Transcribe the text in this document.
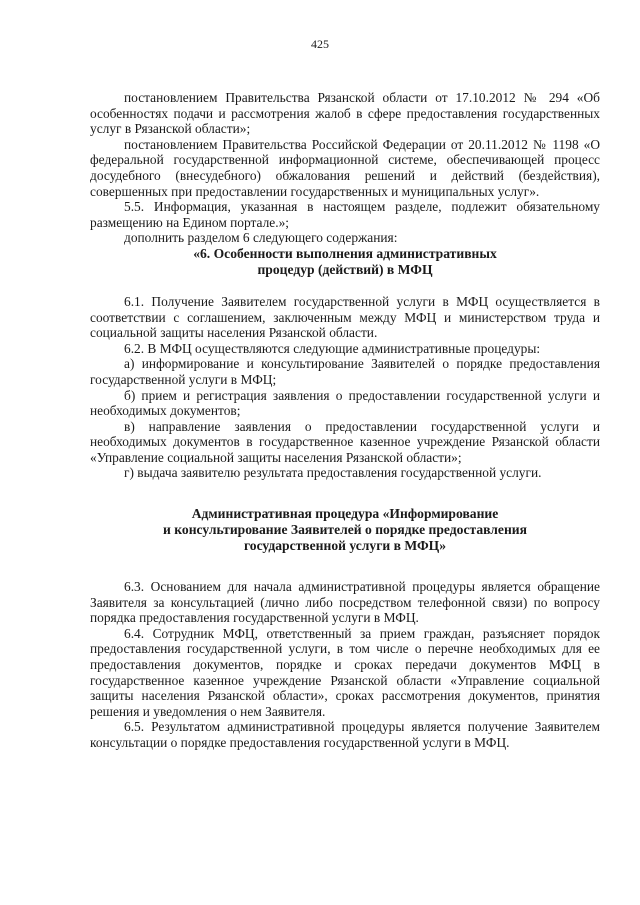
425

постановлением Правительства Рязанской области от 17.10.2012 № 294 «Об особенностях подачи и рассмотрения жалоб в сфере предоставления государственных услуг в Рязанской области»;

постановлением Правительства Российской Федерации от 20.11.2012 № 1198 «О федеральной государственной информационной системе, обеспечивающей процесс досудебного (внесудебного) обжалования решений и действий (бездействия), совершенных при предоставлении государственных и муниципальных услуг».

5.5. Информация, указанная в настоящем разделе, подлежит обязательному размещению на Едином портале.»;

дополнить разделом 6 следующего содержания:

«6. Особенности выполнения административных
процедур (действий) в МФЦ

6.1. Получение Заявителем государственной услуги в МФЦ осуществляется в соответствии с соглашением, заключенным между МФЦ и министерством труда и социальной защиты населения Рязанской области.

6.2. В МФЦ осуществляются следующие административные процедуры:

а) информирование и консультирование Заявителей о порядке предоставления государственной услуги в МФЦ;

б) прием и регистрация заявления о предоставлении государственной услуги и необходимых документов;

в) направление заявления о предоставлении государственной услуги и необходимых документов в государственное казенное учреждение Рязанской области «Управление социальной защиты населения Рязанской области»;

г) выдача заявителю результата предоставления государственной услуги.

Административная процедура «Информирование
и консультирование Заявителей о порядке предоставления
государственной услуги в МФЦ»

6.3. Основанием для начала административной процедуры является обращение Заявителя за консультацией (лично либо посредством телефонной связи) по вопросу порядка предоставления государственной услуги в МФЦ.

6.4. Сотрудник МФЦ, ответственный за прием граждан, разъясняет порядок предоставления государственной услуги, в том числе о перечне необходимых для ее предоставления документов, порядке и сроках передачи документов МФЦ в государственное казенное учреждение Рязанской области «Управление социальной защиты населения Рязанской области», сроках рассмотрения документов, принятия решения и уведомления о нем Заявителя.

6.5. Результатом административной процедуры является получение Заявителем консультации о порядке предоставления государственной услуги в МФЦ.
